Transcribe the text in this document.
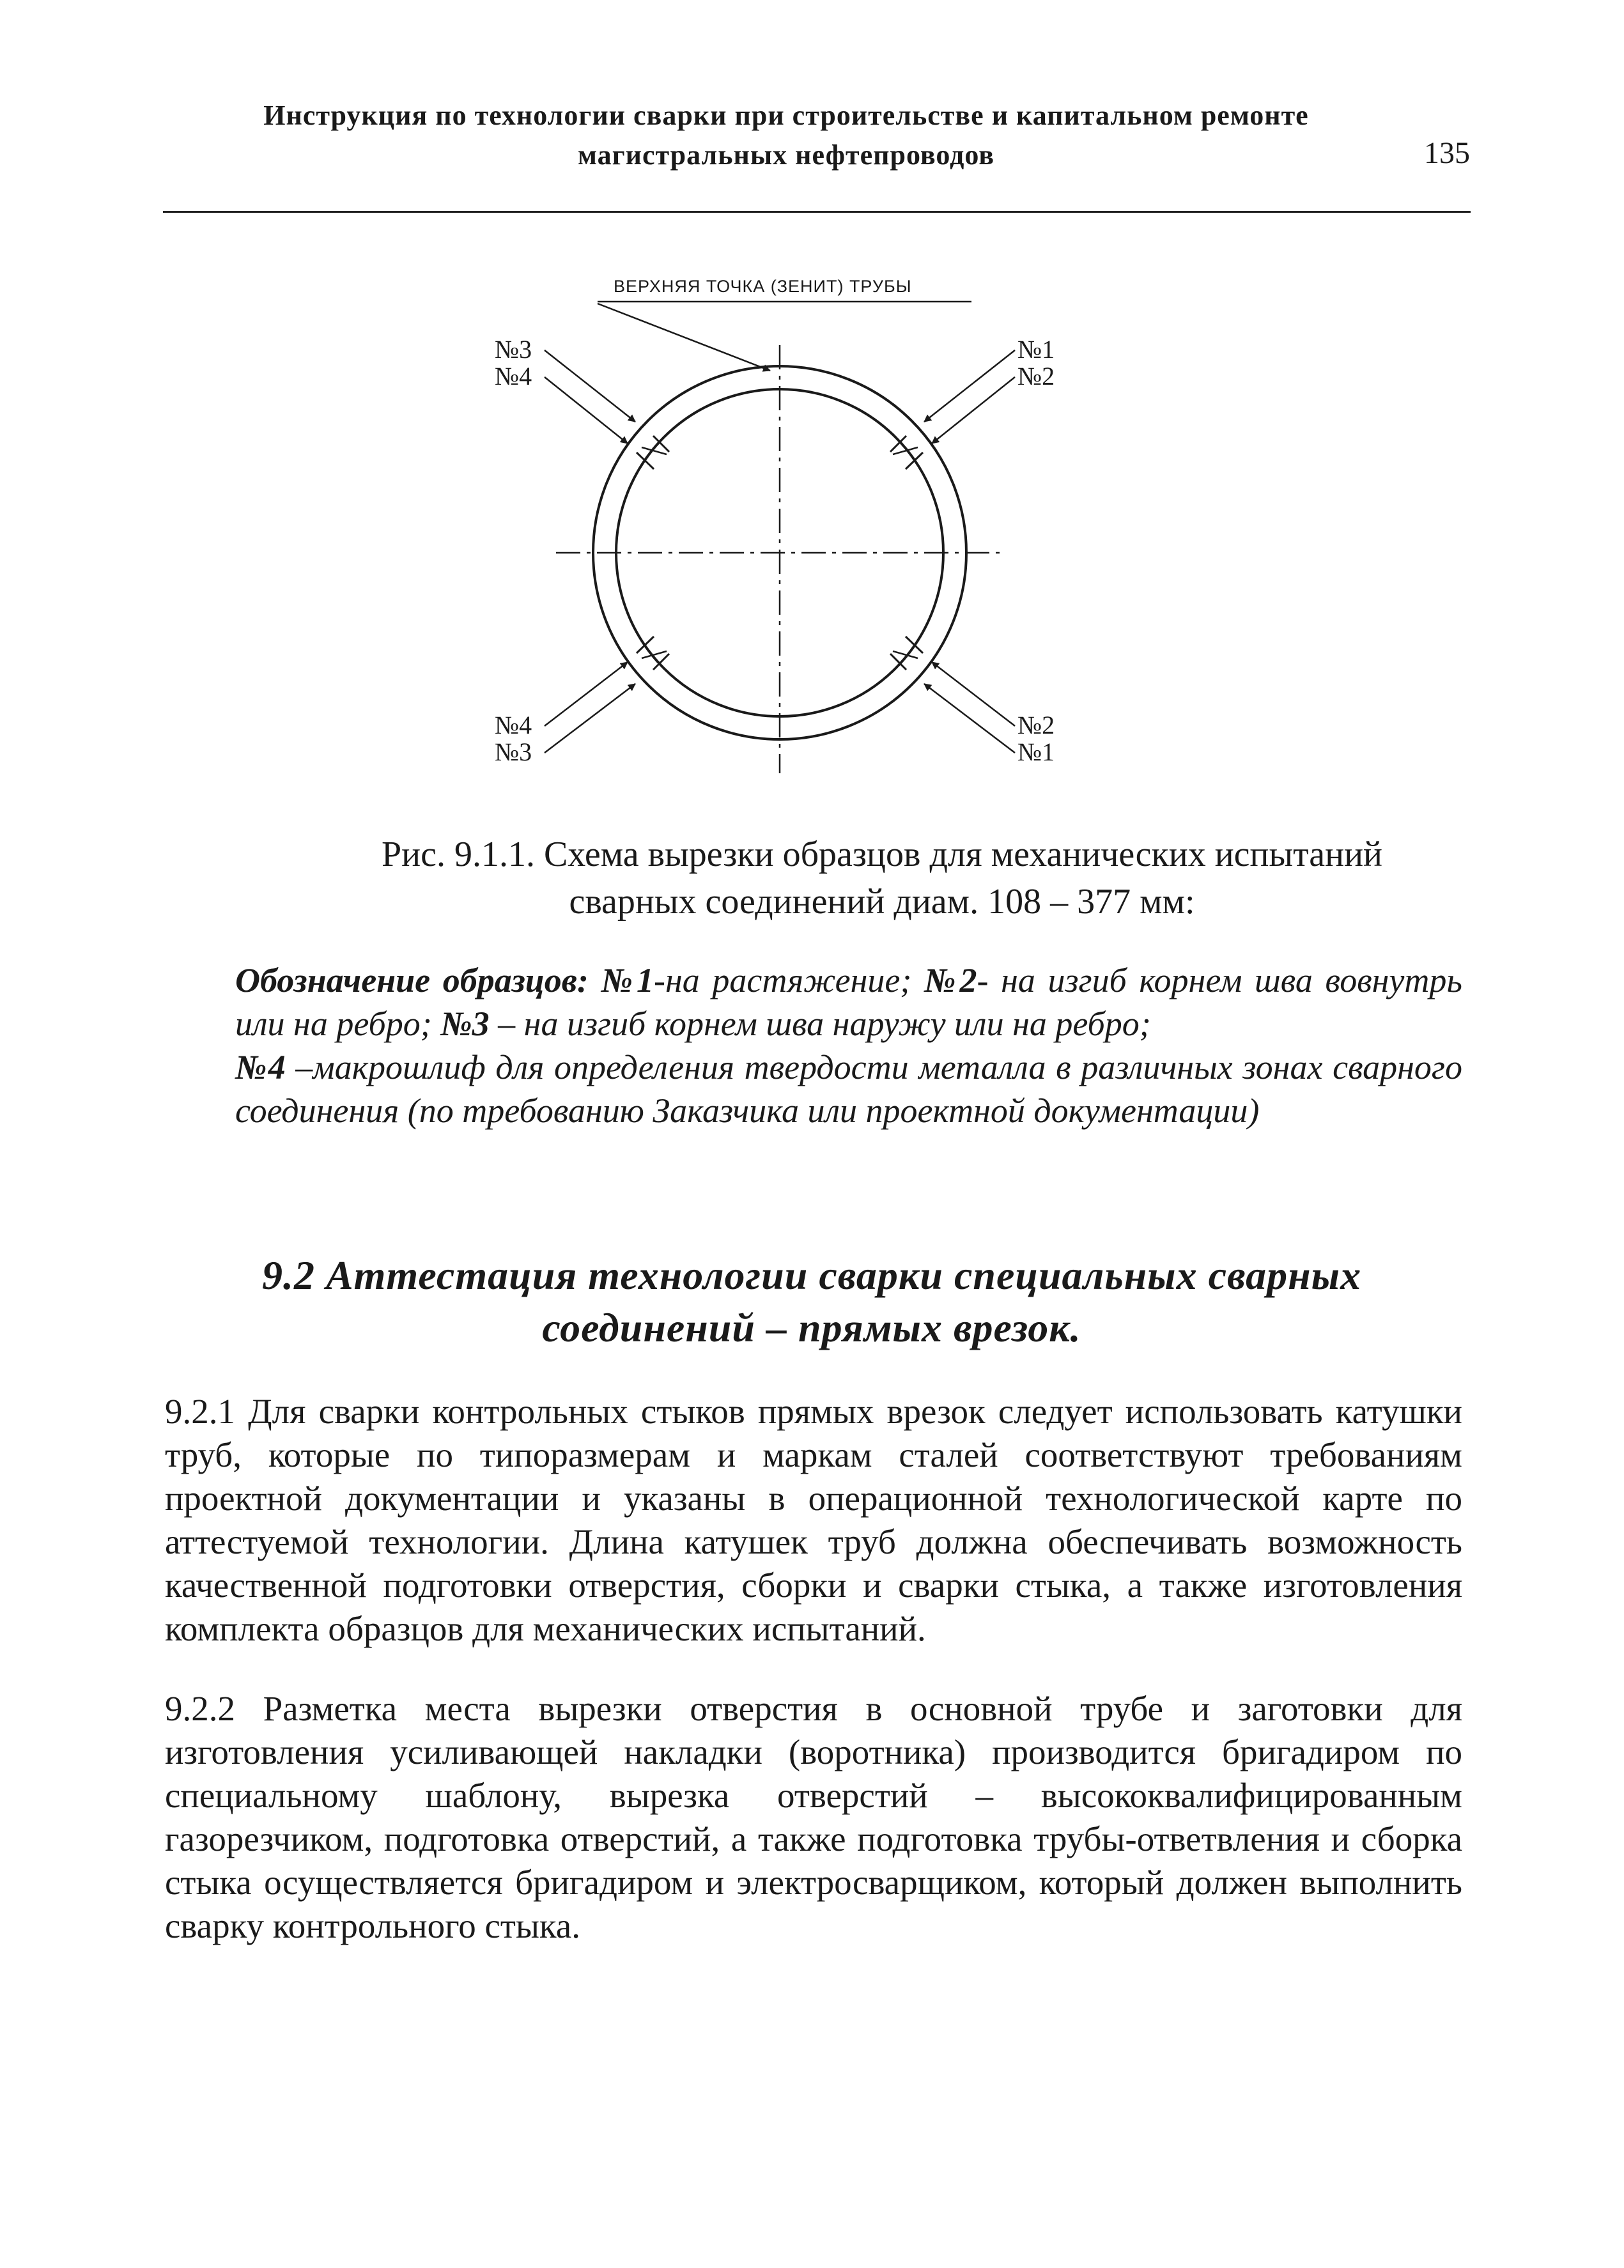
Инструкция по технологии сварки при строительстве и капитальном ремонте
магистральных нефтепроводов	135
ВЕРХНЯЯ ТОЧКА (ЗЕНИТ) ТРУБЫ
№3
№4
№1
№2
№4
№3
№2
№1
Рис. 9.1.1. Схема вырезки образцов для механических испытаний
сварных соединений диам. 108 – 377 мм:

Обозначение образцов: №1-на растяжение; №2- на изгиб корнем шва вовнутрь или на ребро; №3 – на изгиб корнем шва наружу или на ребро;

№4 –макрошлиф для определения твердости металла в различных зонах сварного соединения (по требованию Заказчика или проектной документации)

9.2 Аттестация технологии сварки специальных сварных
соединений – прямых врезок.

9.2.1 Для сварки контрольных стыков прямых врезок следует использовать катушки труб, которые по типоразмерам и маркам сталей соответствуют требованиям проектной документации и указаны в операционной технологической карте по аттестуемой технологии. Длина катушек труб должна обеспечивать возможность качественной подготовки отверстия, сборки и сварки стыка, а также изготовления комплекта образцов для механических испытаний.

9.2.2 Разметка места вырезки отверстия в основной трубе и заготовки для изготовления усиливающей накладки (воротника) производится бригадиром по специальному шаблону, вырезка отверстий – высококвалифицированным газорезчиком, подготовка отверстий, а также подготовка трубы-ответвления и сборка стыка осуществляется бригадиром и электросварщиком, который должен выполнить сварку контрольного стыка.
